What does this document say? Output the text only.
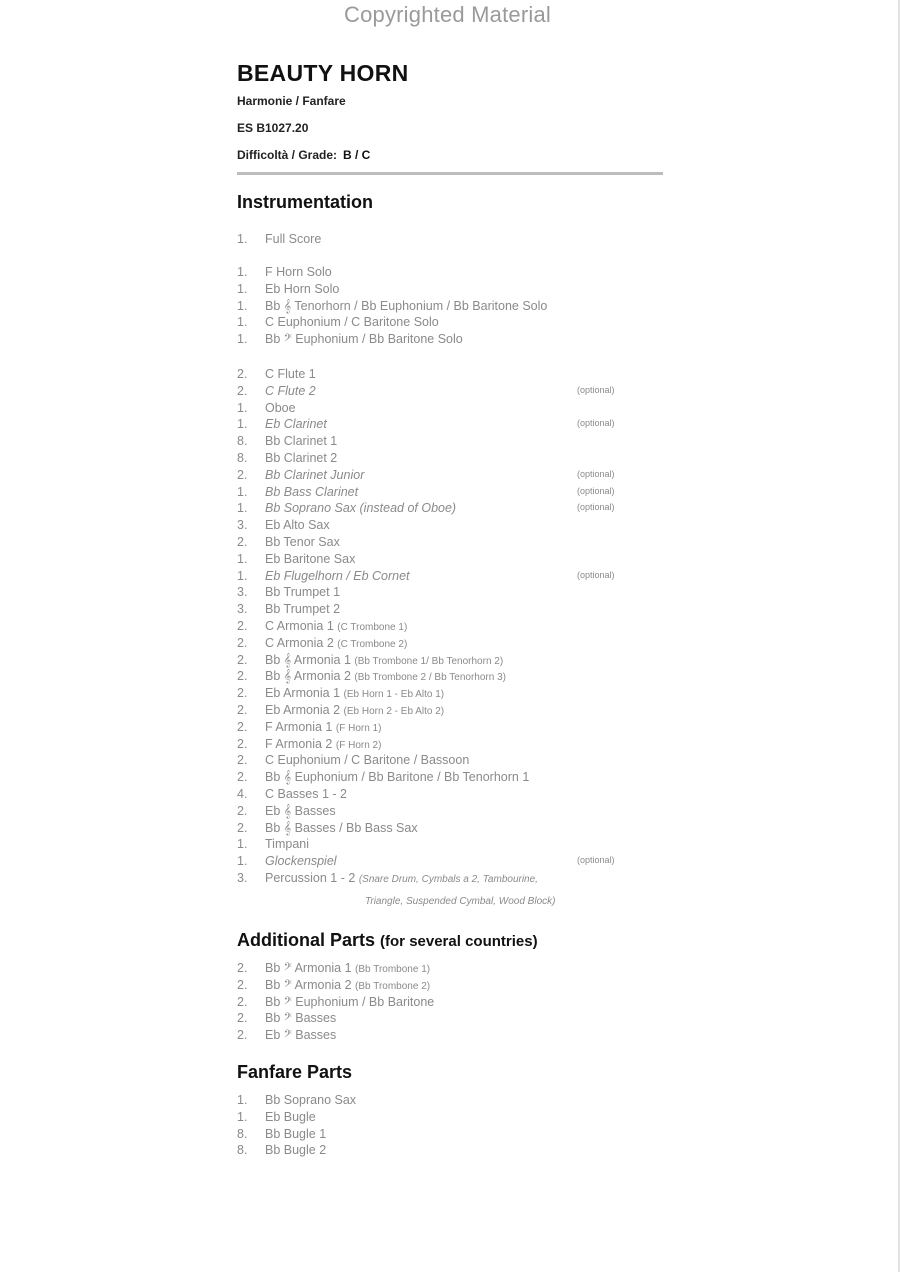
Copyrighted Material
BEAUTY HORN
Harmonie / Fanfare
ES B1027.20
Difficoltà / Grade: B / C
Instrumentation
1. Full Score
1. F Horn Solo
1. Eb Horn Solo
1. Bb 𝄞 Tenorhorn / Bb Euphonium / Bb Baritone Solo
1. C Euphonium / C Baritone Solo
1. Bb 𝄢 Euphonium / Bb Baritone Solo
2. C Flute 1
2. C Flute 2	(optional)
1. Oboe
1. Eb Clarinet	(optional)
8. Bb Clarinet 1
8. Bb Clarinet 2
2. Bb Clarinet Junior	(optional)
1. Bb Bass Clarinet	(optional)
1. Bb Soprano Sax (instead of Oboe)	(optional)
3. Eb Alto Sax
2. Bb Tenor Sax
1. Eb Baritone Sax
1. Eb Flugelhorn / Eb Cornet	(optional)
3. Bb Trumpet 1
3. Bb Trumpet 2
2. C Armonia 1 (C Trombone 1)
2. C Armonia 2 (C Trombone 2)
2. Bb 𝄞 Armonia 1 (Bb Trombone 1/ Bb Tenorhorn 2)
2. Bb 𝄞 Armonia 2 (Bb Trombone 2 / Bb Tenorhorn 3)
2. Eb Armonia 1 (Eb Horn 1 - Eb Alto 1)
2. Eb Armonia 2 (Eb Horn 2 - Eb Alto 2)
2. F Armonia 1 (F Horn 1)
2. F Armonia 2 (F Horn 2)
2. C Euphonium / C Baritone / Bassoon
2. Bb 𝄞 Euphonium / Bb Baritone / Bb Tenorhorn 1
4. C Basses 1 - 2
2. Eb 𝄞 Basses
2. Bb 𝄞 Basses / Bb Bass Sax
1. Timpani
1. Glockenspiel	(optional)
3. Percussion 1 - 2 (Snare Drum, Cymbals a 2, Tambourine,
Triangle, Suspended Cymbal, Wood Block)
Additional Parts (for several countries)
2. Bb 𝄢 Armonia 1 (Bb Trombone 1)
2. Bb 𝄢 Armonia 2 (Bb Trombone 2)
2. Bb 𝄢 Euphonium / Bb Baritone
2. Bb 𝄢 Basses
2. Eb 𝄢 Basses
Fanfare Parts
1. Bb Soprano Sax
1. Eb Bugle
8. Bb Bugle 1
8. Bb Bugle 2
